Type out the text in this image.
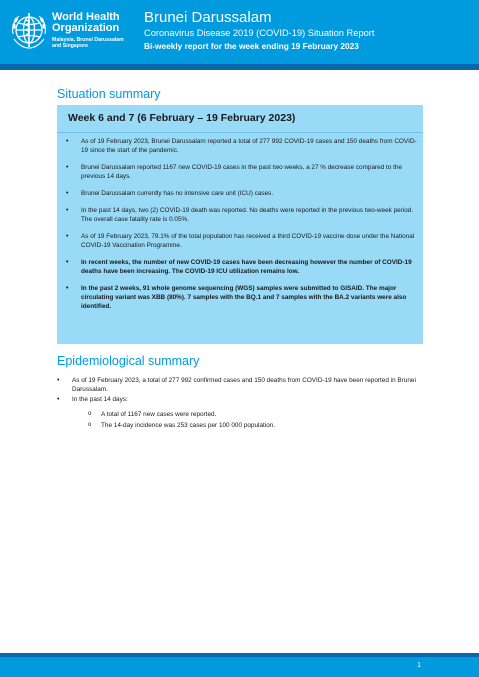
World Health
Organization
Malaysia, Brunei Darussalam
and Singapore
Brunei Darussalam
Coronavirus Disease 2019 (COVID-19) Situation Report
Bi-weekly report for the week ending 19 February 2023
Situation summary
Week 6 and 7 (6 February – 19 February 2023)
• As of 19 February 2023, Brunei Darussalam reported a total of 277 992 COVID-19 cases and 150 deaths from COVID-19 since the start of the pandemic.
• Brunei Darussalam reported 1167 new COVID-19 cases in the past two weeks, a 27 % decrease compared to the previous 14 days.
• Brunei Darussalam currently has no intensive care unit (ICU) cases.
• In the past 14 days, two (2) COVID-19 death was reported. No deaths were reported in the previous two-week period. The overall case fatality rate is 0.05%.
• As of 19 February 2023, 79.1% of the total population has received a third COVID-19 vaccine dose under the National COVID-19 Vaccination Programme.
• In recent weeks, the number of new COVID-19 cases have been decreasing however the number of COVID-19 deaths have been increasing. The COVID-19 ICU utilization remains low.
• In the past 2 weeks, 91 whole genome sequencing (WGS) samples were submitted to GISAID. The major circulating variant was XBB (80%). 7 samples with the BQ.1 and 7 samples with the BA.2 variants were also identified.
Epidemiological summary
• As of 19 February 2023, a total of 277 992 confirmed cases and 150 deaths from COVID-19 have been reported in Brunei Darussalam.
• In the past 14 days:
o A total of 1167 new cases were reported.
o The 14-day incidence was 253 cases per 100 000 population.
1
